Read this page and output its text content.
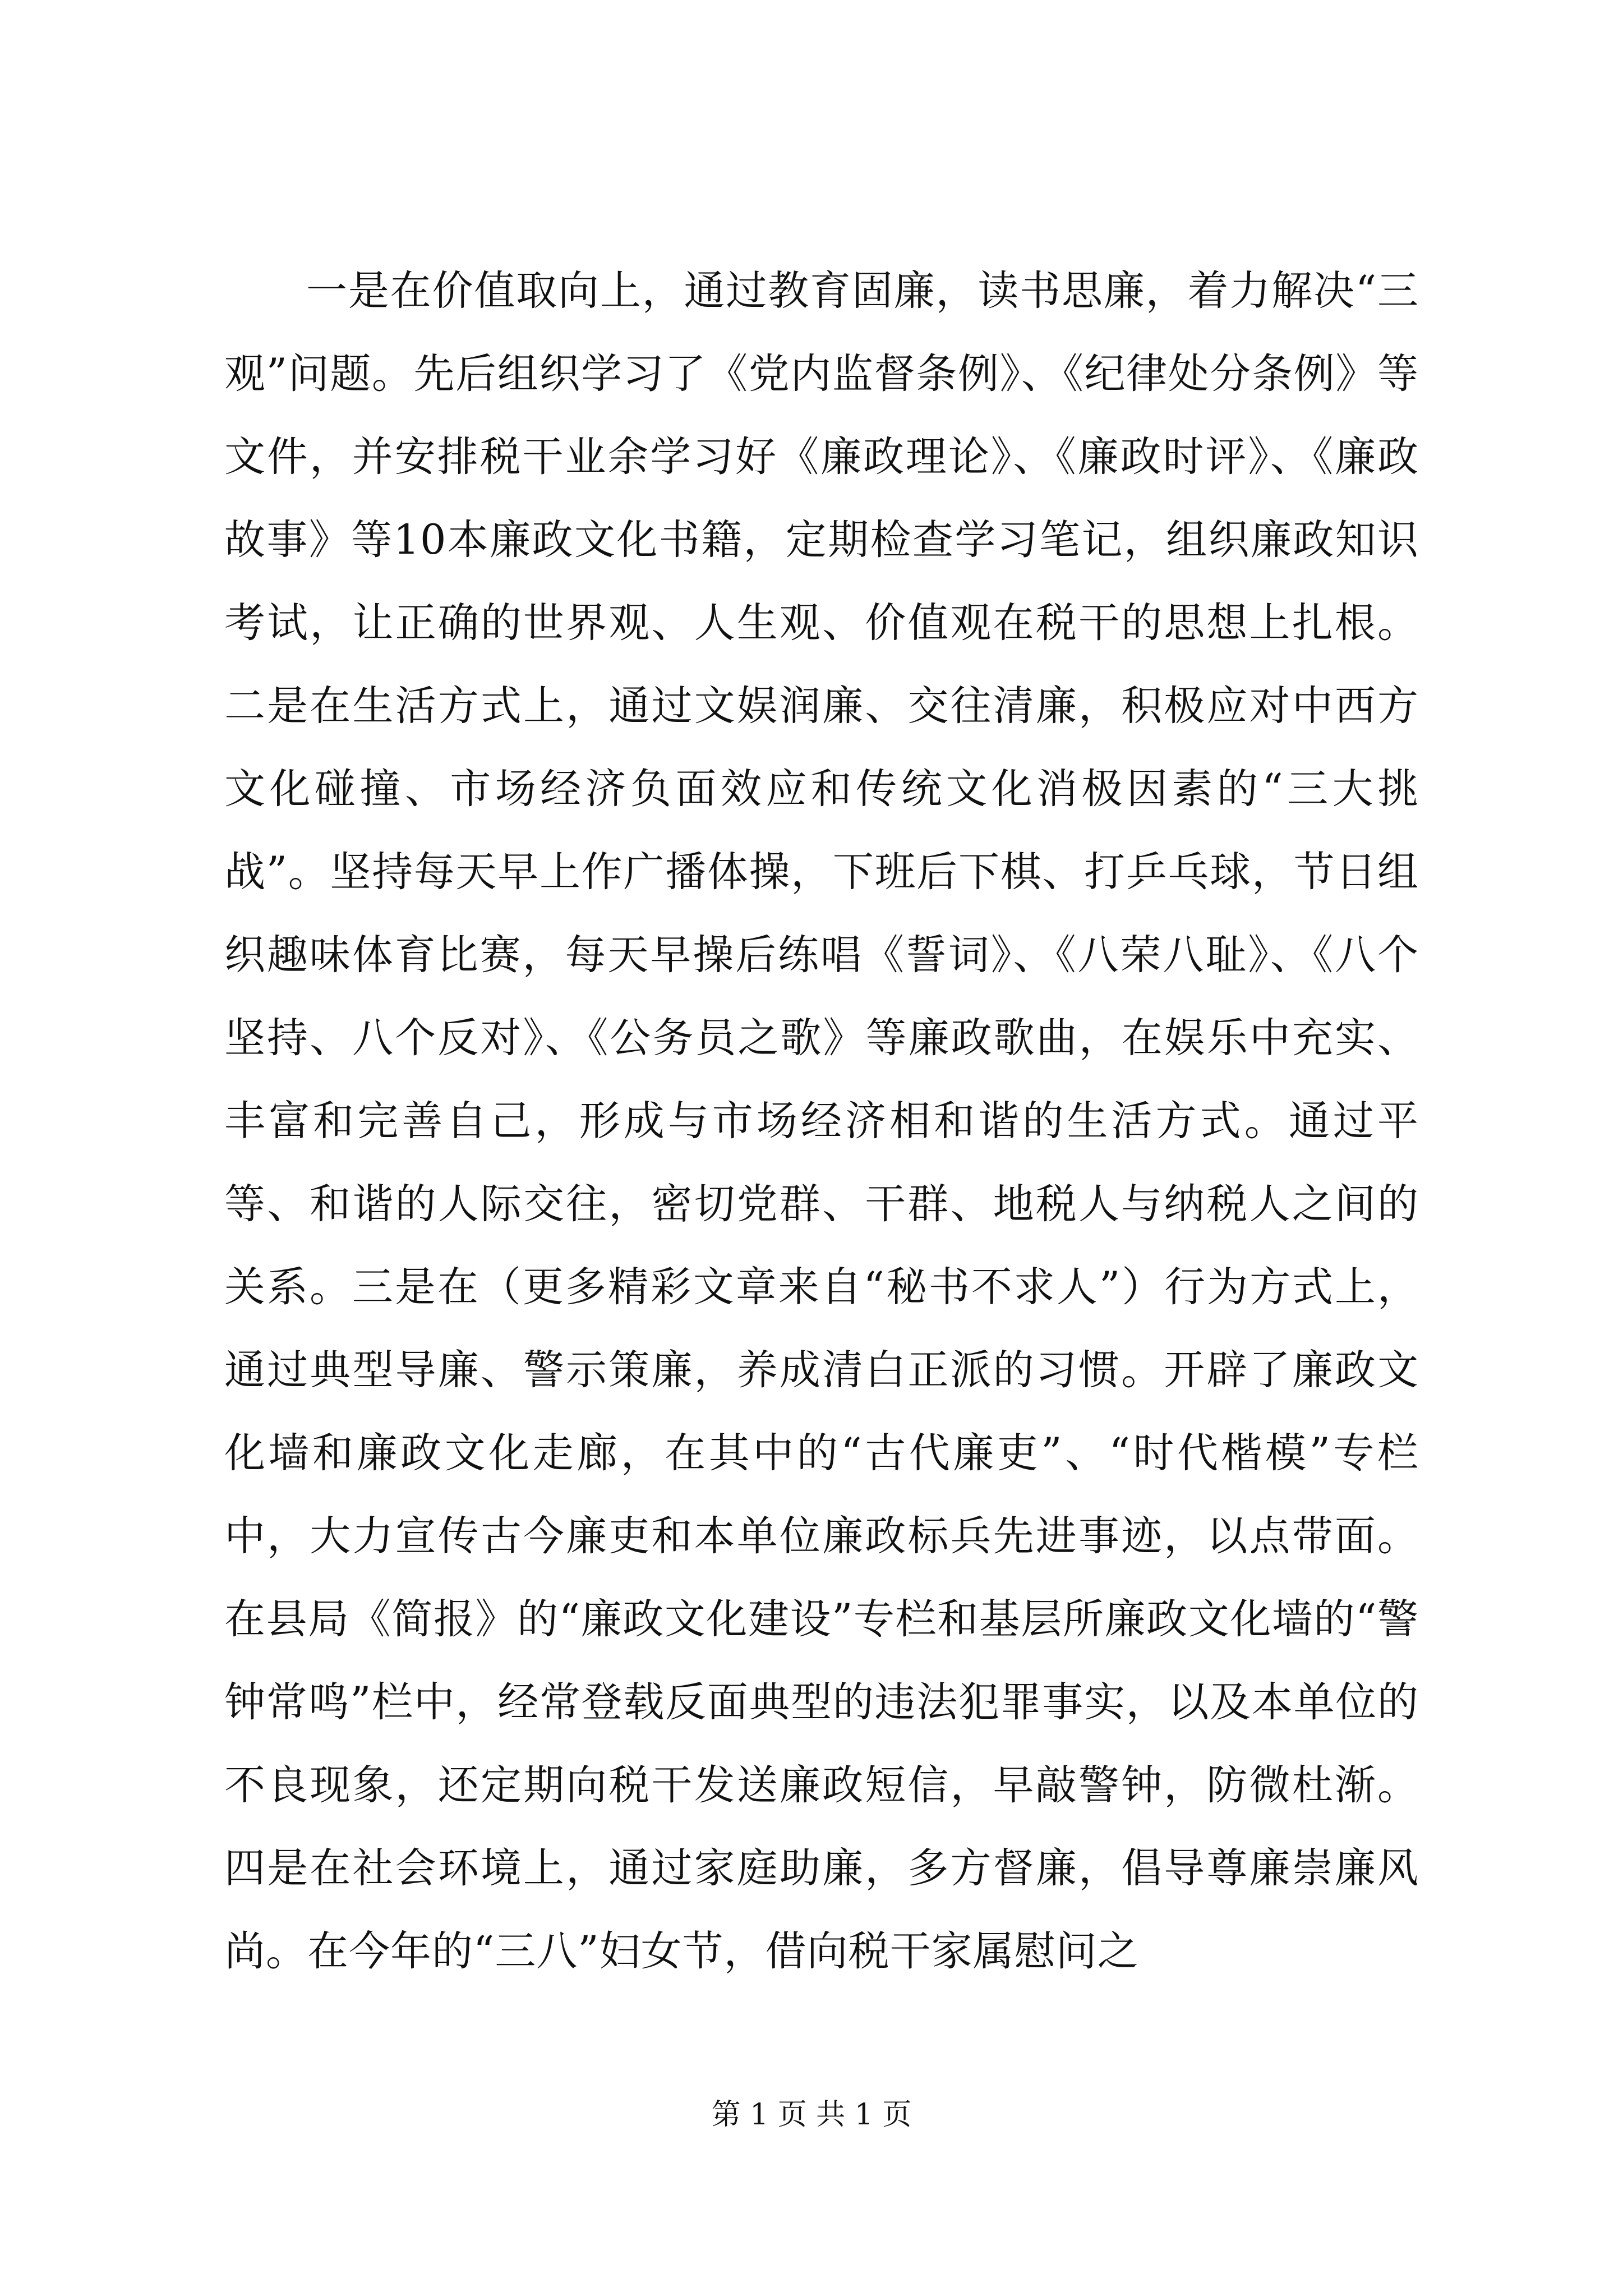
一是在价值取向上，通过教育固廉，读书思廉，着力解决“三观”问题。先后组织学习了《党内监督条例》、《纪律处分条例》等文件，并安排税干业余学习好《廉政理论》、《廉政时评》、《廉政故事》等10本廉政文化书籍，定期检查学习笔记，组织廉政知识考试，让正确的世界观、人生观、价值观在税干的思想上扎根。二是在生活方式上，通过文娱润廉、交往清廉，积极应对中西方文化碰撞、市场经济负面效应和传统文化消极因素的“三大挑战”。坚持每天早上作广播体操，下班后下棋、打乒乓球，节日组织趣味体育比赛，每天早操后练唱《誓词》、《八荣八耻》、《八个坚持、八个反对》、《公务员之歌》等廉政歌曲，在娱乐中充实、丰富和完善自己，形成与市场经济相和谐的生活方式。通过平等、和谐的人际交往，密切党群、干群、地税人与纳税人之间的关系。三是在（更多精彩文章来自“秘书不求人”）行为方式上，通过典型导廉、警示策廉，养成清白正派的习惯。开辟了廉政文化墙和廉政文化走廊，在其中的“古代廉吏”、“时代楷模”专栏中，大力宣传古今廉吏和本单位廉政标兵先进事迹，以点带面。在县局《简报》的“廉政文化建设”专栏和基层所廉政文化墙的“警钟常鸣”栏中，经常登载反面典型的违法犯罪事实，以及本单位的不良现象，还定期向税干发送廉政短信，早敲警钟，防微杜渐。四是在社会环境上，通过家庭助廉，多方督廉，倡导尊廉崇廉风尚。在今年的“三八”妇女节，借向税干家属慰问之

第 1 页 共 1 页
